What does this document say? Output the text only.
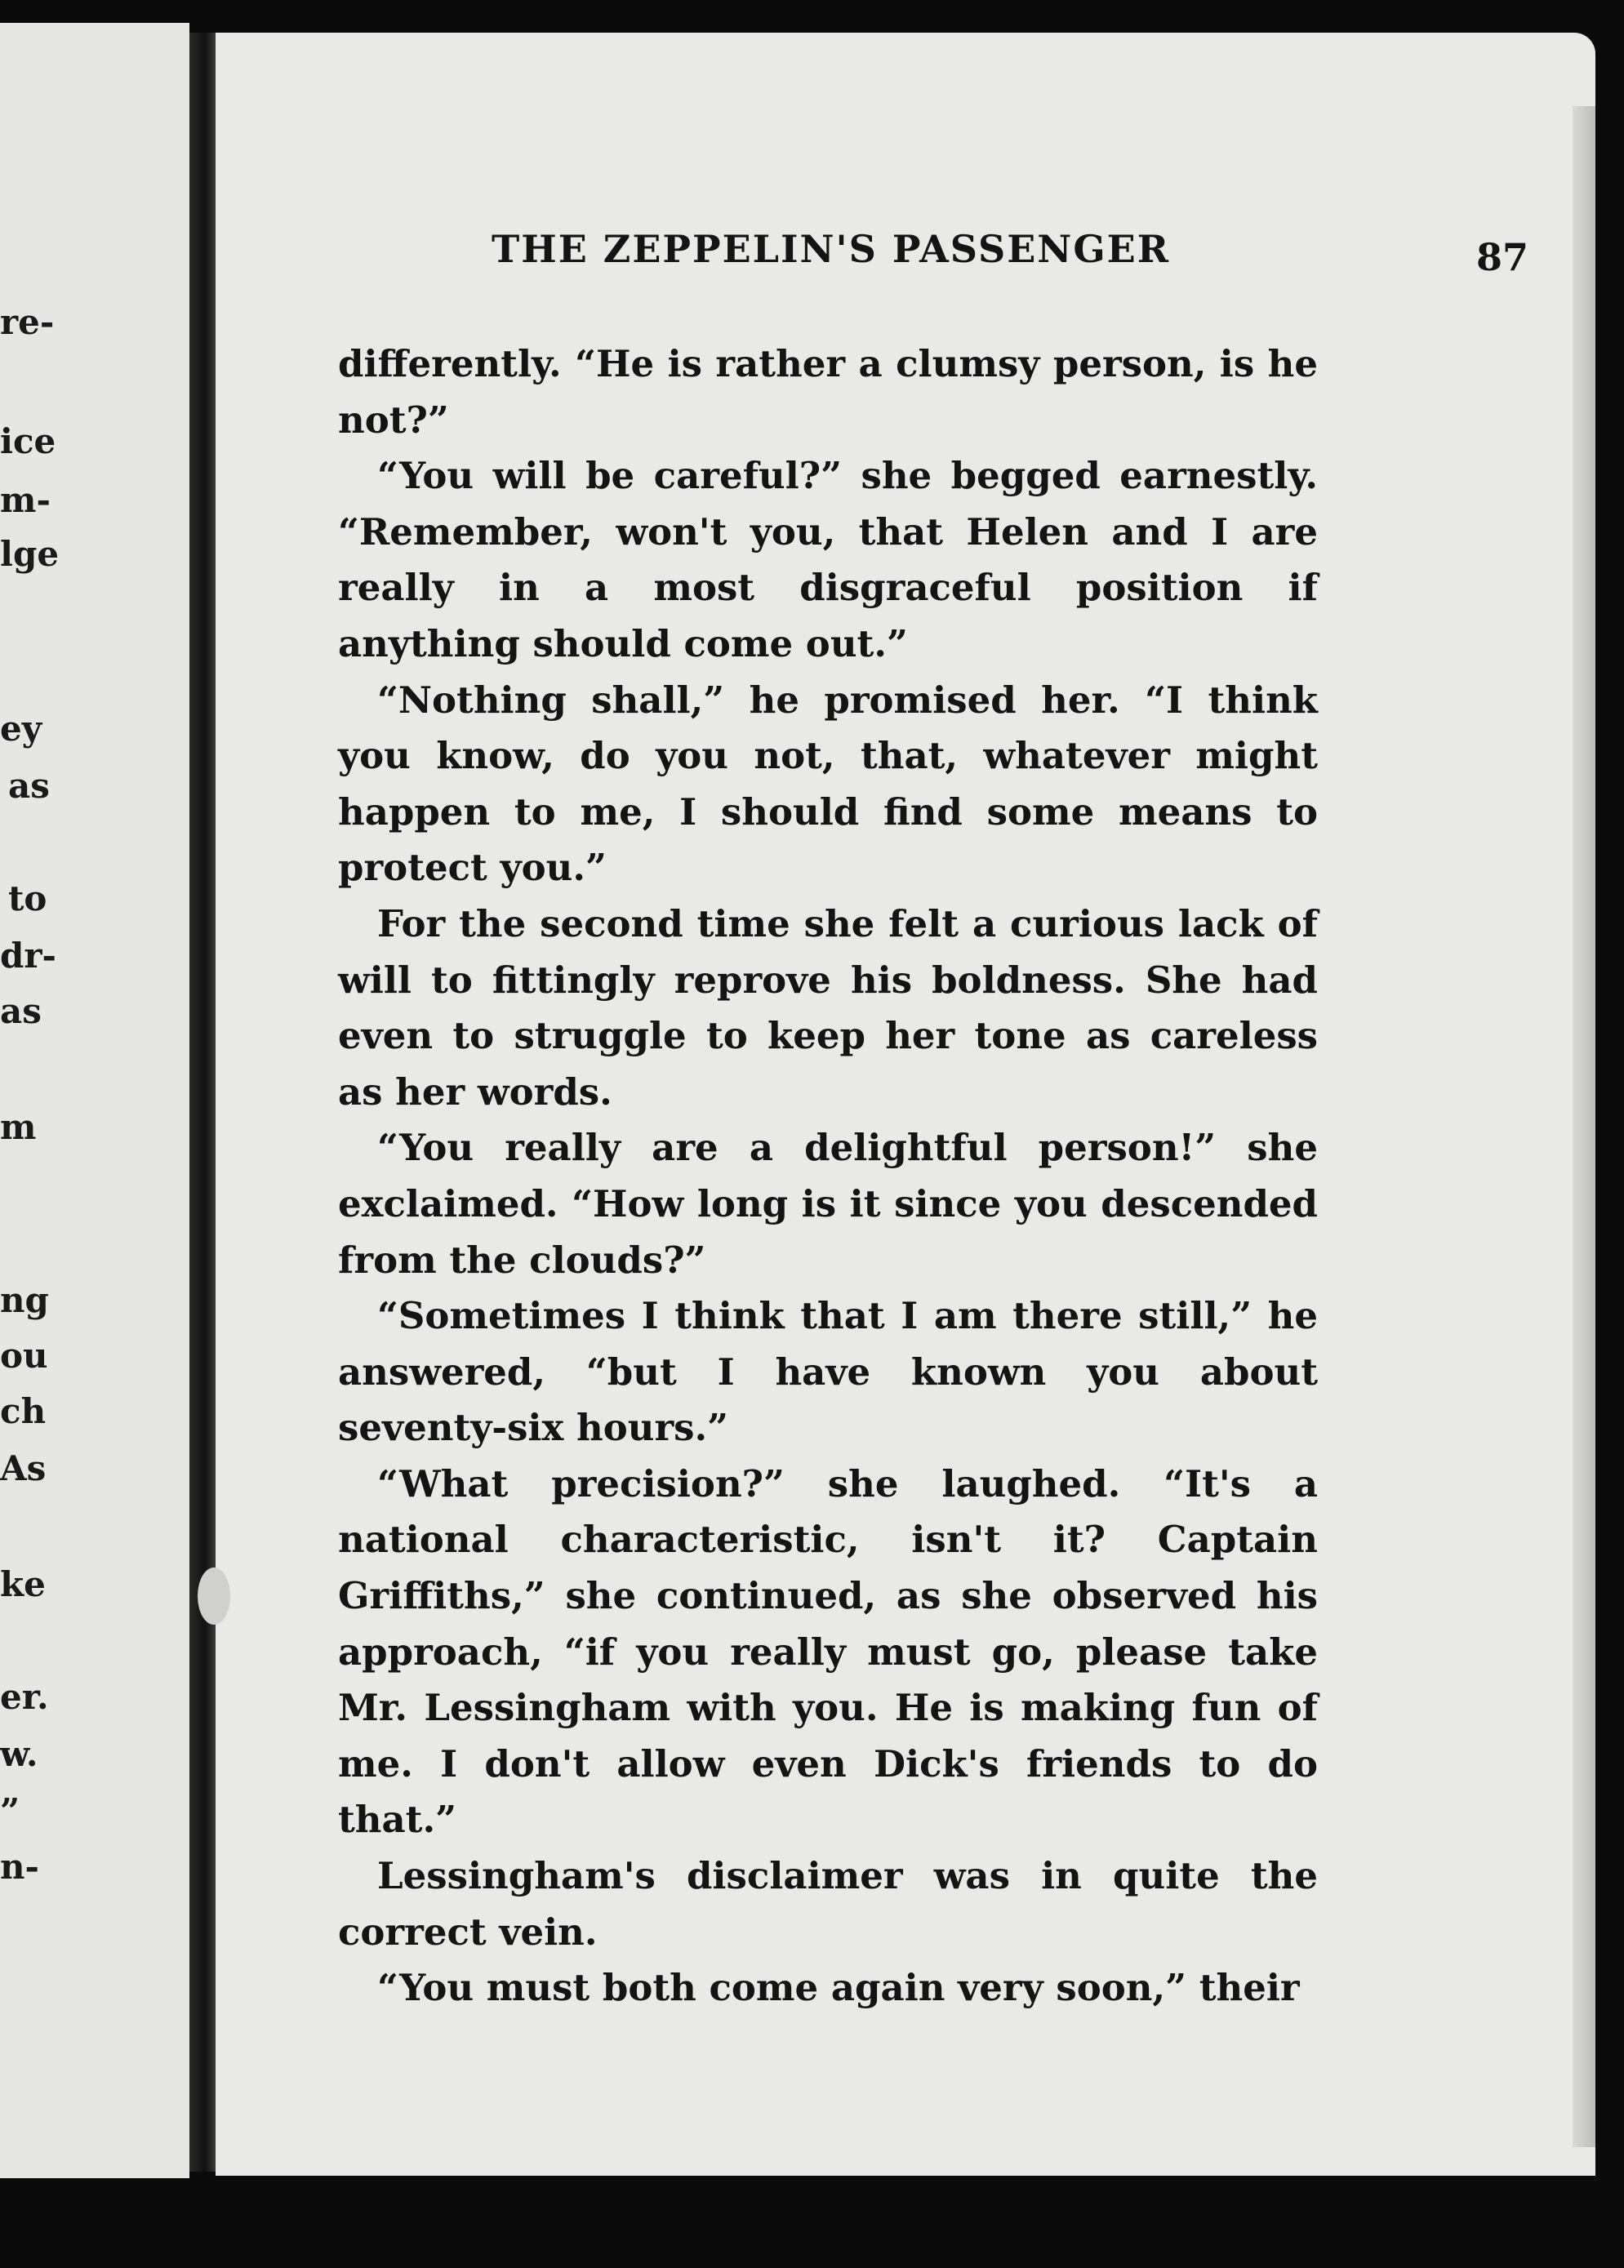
re-
ice
m-
lge
ey
as
to
dr-
as
m
ng
ou
ch
As
ke
er.
w.
”
n-
THE ZEPPELIN'S PASSENGER	87

differently. “He is rather a clumsy person, is he not?”

“You will be careful?” she begged earnestly. “Remember, won't you, that Helen and I are really in a most disgraceful position if anything should come out.”

“Nothing shall,” he promised her. “I think you know, do you not, that, whatever might happen to me, I should find some means to protect you.”

For the second time she felt a curious lack of will to fittingly reprove his boldness. She had even to struggle to keep her tone as careless as her words.

“You really are a delightful person!” she exclaimed. “How long is it since you descended from the clouds?”

“Sometimes I think that I am there still,” he answered, “but I have known you about seventy-six hours.”

“What precision?” she laughed. “It's a national characteristic, isn't it? Captain Griffiths,” she continued, as she observed his approach, “if you really must go, please take Mr. Lessingham with you. He is making fun of me. I don't allow even Dick's friends to do that.”

Lessingham's disclaimer was in quite the correct vein.

“You must both come again very soon,” their
